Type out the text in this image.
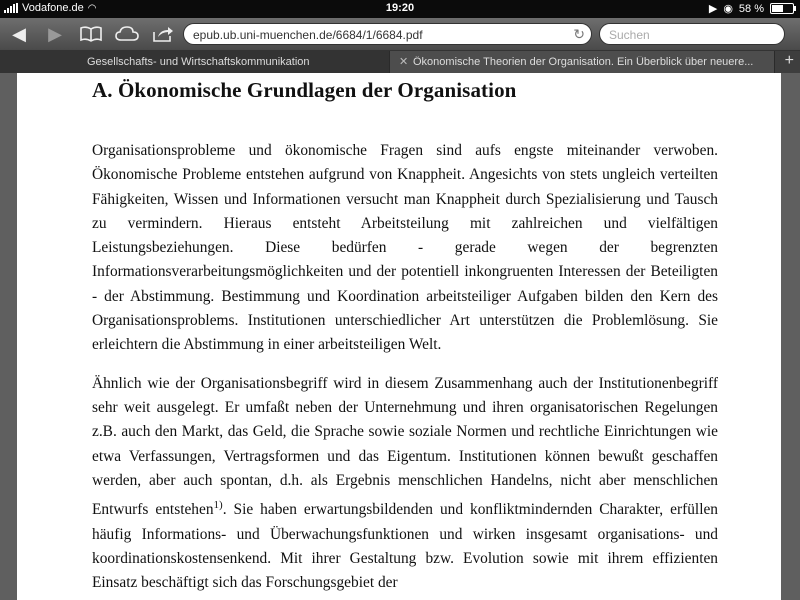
Vodafone.de ◠	19:20	▶ ◉ 58 %
◀ ▶	epub.ub.uni-muenchen.de/6684/1/6684.pdf	↻ Suchen
Gesellschafts- und Wirtschaftskommunikation	✕ Ökonomische Theorien der Organisation. Ein Überblick über neuere...	+
A. Ökonomische Grundlagen der Organisation

Organisationsprobleme und ökonomische Fragen sind aufs engste miteinander verwoben. Ökonomische Probleme entstehen aufgrund von Knappheit. Angesichts von stets ungleich verteilten Fähigkeiten, Wissen und Informationen versucht man Knappheit durch Spezialisierung und Tausch zu vermindern. Hieraus entsteht Arbeitsteilung mit zahlreichen und vielfältigen Leistungsbeziehungen. Diese bedürfen - gerade wegen der begrenzten Informationsverarbeitungsmöglichkeiten und der potentiell inkongruenten Interessen der Beteiligten - der Abstimmung. Bestimmung und Koordination arbeitsteiliger Aufgaben bilden den Kern des Organisationsproblems. Institutionen unterschiedlicher Art unterstützen die Problemlösung. Sie erleichtern die Abstimmung in einer arbeitsteiligen Welt.

Ähnlich wie der Organisationsbegriff wird in diesem Zusammenhang auch der Institutionenbegriff sehr weit ausgelegt. Er umfaßt neben der Unternehmung und ihren organisatorischen Regelungen z.B. auch den Markt, das Geld, die Sprache sowie soziale Normen und rechtliche Einrichtungen wie etwa Verfassungen, Vertragsformen und das Eigentum. Institutionen können bewußt geschaffen werden, aber auch spontan, d.h. als Ergebnis menschlichen Handelns, nicht aber menschlichen Entwurfs entstehen$^{1)}$. Sie haben erwartungsbildenden und konfliktmindernden Charakter, erfüllen häufig Informations- und Überwachungsfunktionen und wirken insgesamt organisations- und koordinationskostensenkend. Mit ihrer Gestaltung bzw. Evolution sowie mit ihrem effizienten Einsatz beschäftigt sich das Forschungsgebiet der
